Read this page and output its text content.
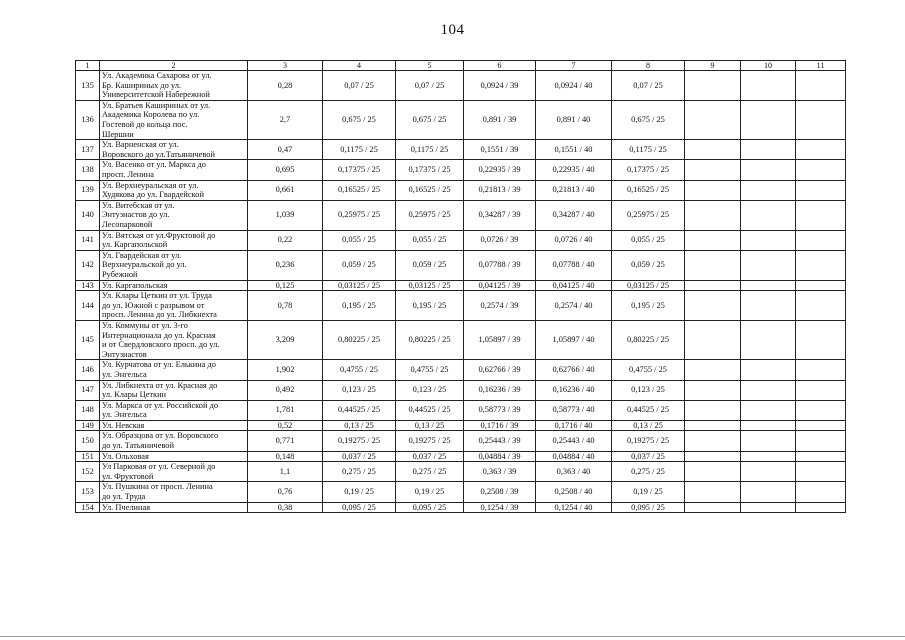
104
1	2	3	4	5	6	7	8	9	10	11
135	Ул. Академика Сахарова от ул.
Бр. Кашириных до ул.
Университетской Набережной	0,28	0,07 / 25	0,07 / 25	0,0924 / 39	0,0924 / 40	0,07 / 25			
136	Ул. Братьев Кашириных от ул.
Академика Королева по ул.
Гостевой до кольца пос.
Шершни	2,7	0,675 / 25	0,675 / 25	0,891 / 39	0,891 / 40	0,675 / 25			
137	Ул. Варненская от ул.
Воровского до ул.Татьяничевой	0,47	0,1175 / 25	0,1175 / 25	0,1551 / 39	0,1551 / 40	0,1175 / 25			
138	Ул. Васенко от ул. Маркса до
просп. Ленина	0,695	0,17375 / 25	0,17375 / 25	0,22935 / 39	0,22935 / 40	0,17375 / 25			
139	Ул. Верхнеуральская от ул.
Худякова до ул. Гвардейской	0,661	0,16525 / 25	0,16525 / 25	0,21813 / 39	0,21813 / 40	0,16525 / 25			
140	Ул. Витебская от ул.
Энтузиастов до ул.
Лесопарковой	1,039	0,25975 / 25	0,25975 / 25	0,34287 / 39	0,34287 / 40	0,25975 / 25			
141	Ул. Вятская от ул.Фруктовой до
ул. Каргапольской	0,22	0,055 / 25	0,055 / 25	0,0726 / 39	0,0726 / 40	0,055 / 25			
142	Ул. Гвардейская от ул.
Верхнеуральской до ул.
Рубежной	0,236	0,059 / 25	0,059 / 25	0,07788 / 39	0,07788 / 40	0,059 / 25			
143	Ул. Каргапольская	0,125	0,03125 / 25	0,03125 / 25	0,04125 / 39	0,04125 / 40	0,03125 / 25			
144	Ул. Клары Цеткин от ул. Труда
до ул. Южной с разрывом от
просп. Ленина до ул. Либкнехта	0,78	0,195 / 25	0,195 / 25	0,2574 / 39	0,2574 / 40	0,195 / 25			
145	Ул. Коммуны от ул. 3-го
Интернационала до ул. Красная
и от Свердловского просп. до ул.
Энтузиастов	3,209	0,80225 / 25	0,80225 / 25	1,05897 / 39	1,05897 / 40	0,80225 / 25			
146	Ул. Курчатова от ул. Елькина до
ул. Энгельса	1,902	0,4755 / 25	0,4755 / 25	0,62766 / 39	0,62766 / 40	0,4755 / 25			
147	Ул. Либкнехта от ул. Красная до
ул. Клары Цеткин	0,492	0,123 / 25	0,123 / 25	0,16236 / 39	0,16236 / 40	0,123 / 25			
148	Ул. Маркса от ул. Российской до
ул. Энгельса	1,781	0,44525 / 25	0,44525 / 25	0,58773 / 39	0,58773 / 40	0,44525 / 25			
149	Ул. Невская	0,52	0,13 / 25	0,13 / 25	0,1716 / 39	0,1716 / 40	0,13 / 25			
150	Ул. Образцова от ул. Воровского
до ул. Татьяничевой	0,771	0,19275 / 25	0,19275 / 25	0,25443 / 39	0,25443 / 40	0,19275 / 25			
151	Ул. Ольховая	0,148	0,037 / 25	0,037 / 25	0,04884 / 39	0,04884 / 40	0,037 / 25			
152	Ул Парковая от ул. Северной до
ул. Фруктовой	1,1	0,275 / 25	0,275 / 25	0,363 / 39	0,363 / 40	0,275 / 25			
153	Ул. Пушкина от просп. Ленина
до ул. Труда	0,76	0,19 / 25	0,19 / 25	0,2508 / 39	0,2508 / 40	0,19 / 25			
154	Ул. Пчелиная	0,38	0,095 / 25	0,095 / 25	0,1254 / 39	0,1254 / 40	0,095 / 25			
